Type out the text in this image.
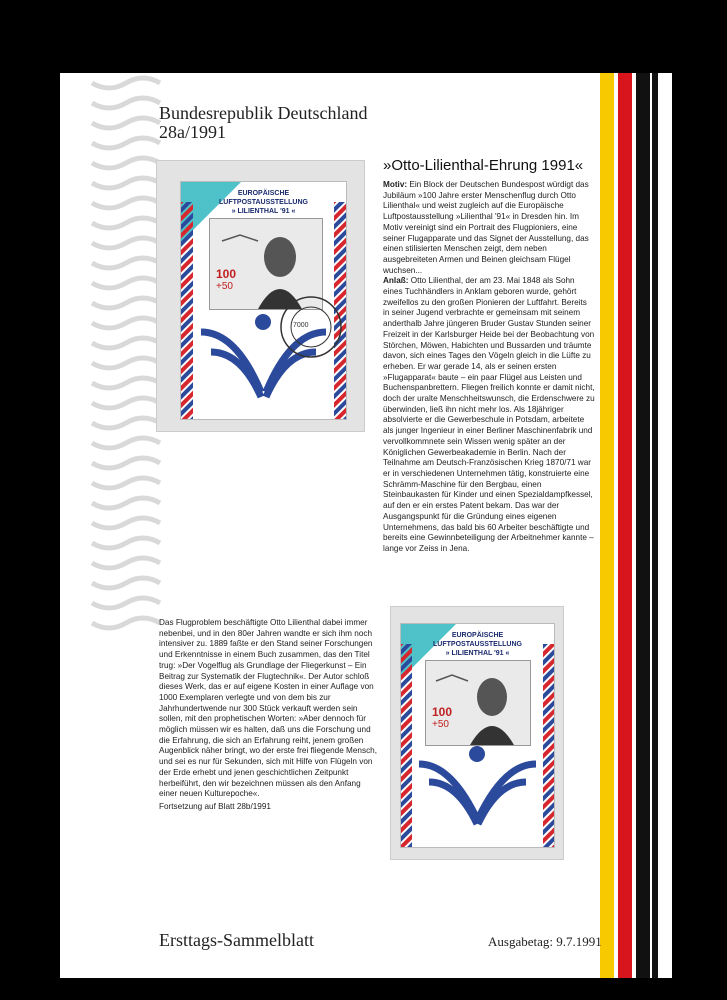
Bundesrepublik Deutschland
28a/1991
EUROPÄISCHE
LUFTPOSTAUSSTELLUNG
» LILIENTHAL '91 «
100
+50
7000
»Otto-Lilienthal-Ehrung 1991«
Motiv: Ein Block der Deutschen Bundespost würdigt das Jubiläum »100 Jahre erster Menschenflug durch Otto Lilienthal« und weist zugleich auf die Europäische Luftpostausstellung »Lilienthal '91« in Dresden hin. Im Motiv vereinigt sind ein Portrait des Flugpioniers, eine seiner Flugapparate und das Signet der Ausstellung, das einen stilisierten Menschen zeigt, dem neben ausgebreiteten Armen und Beinen gleichsam Flügel wuchsen...
Anlaß: Otto Lilienthal, der am 23. Mai 1848 als Sohn eines Tuchhändlers in Anklam geboren wurde, gehört zweifellos zu den großen Pionieren der Luftfahrt. Bereits in seiner Jugend verbrachte er gemeinsam mit seinem anderthalb Jahre jüngeren Bruder Gustav Stunden seiner Freizeit in der Karlsburger Heide bei der Beobachtung von Störchen, Möwen, Habichten und Bussarden und träumte davon, sich eines Tages den Vögeln gleich in die Lüfte zu erheben. Er war gerade 14, als er seinen ersten »Flugapparat« baute – ein paar Flügel aus Leisten und Buchenspanbrettern. Fliegen freilich konnte er damit nicht, doch der uralte Menschheitswunsch, die Erdenschwere zu überwinden, ließ ihn nicht mehr los. Als 18jähriger absolvierte er die Gewerbeschule in Potsdam, arbeitete als junger Ingenieur in einer Berliner Maschinenfabrik und vervollkommnete sein Wissen wenig später an der Königlichen Gewerbeakademie in Berlin. Nach der Teilnahme am Deutsch-Französischen Krieg 1870/71 war er in verschiedenen Unternehmen tätig, konstruierte eine Schrämm-Maschine für den Bergbau, einen Steinbaukasten für Kinder und einen Spezialdampfkessel, auf den er ein erstes Patent bekam. Das war der Ausgangspunkt für die Gründung eines eigenen Unternehmens, das bald bis 60 Arbeiter beschäftigte und bereits eine Gewinnbeteiligung der Arbeitnehmer kannte – lange vor Zeiss in Jena.
Das Flugproblem beschäftigte Otto Lilienthal dabei immer nebenbei, und in den 80er Jahren wandte er sich ihm noch intensiver zu. 1889 faßte er den Stand seiner Forschungen und Erkenntnisse in einem Buch zusammen, das den Titel trug: »Der Vogelflug als Grundlage der Fliegerkunst – Ein Beitrag zur Systematik der Flugtechnik«. Der Autor schloß dieses Werk, das er auf eigene Kosten in einer Auflage von 1000 Exemplaren verlegte und von dem bis zur Jahrhundertwende nur 300 Stück verkauft werden sein sollen, mit den prophetischen Worten: »Aber dennoch für möglich müssen wir es halten, daß uns die Forschung und die Erfahrung, die sich an Erfahrung reiht, jenem großen Augenblick näher bringt, wo der erste frei fliegende Mensch, und sei es nur für Sekunden, sich mit Hilfe von Flügeln von der Erde erhebt und jenen geschichtlichen Zeitpunkt herbeiführt, den wir bezeichnen müssen als den Anfang einer neuen Kulturepoche«.
Fortsetzung auf Blatt 28b/1991
EUROPÄISCHE
LUFTPOSTAUSSTELLUNG
» LILIENTHAL '91 «
100
+50
Ersttags-Sammelblatt	Ausgabetag: 9.7.1991
